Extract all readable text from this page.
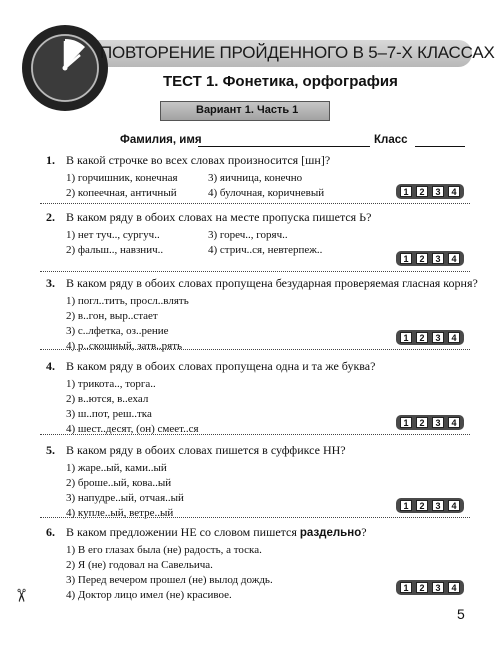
ПОВТОРЕНИЕ ПРОЙДЕННОГО В 5–7-Х КЛАССАХ
ТЕСТ 1. Фонетика, орфография
Вариант 1. Часть 1
Фамилия, имя	Класс
1. В какой строчке во всех словах произносится [шн]?
1) горчишник, конечная	3) яичница, конечно
2) копеечная, античный	4) булочная, коричневый	1	2	3	4
2. В каком ряду в обоих словах на месте пропуска пишется Ь?
1) нет туч.., сургуч..	3) гореч.., горяч..
2) фальш.., навзнич..	4) стрич..ся, невтерпеж..
1	2	3	4
3. В каком ряду в обоих словах пропущена безударная проверяемая гласная корня?
1) погл..тить, просл..влять
2) в..гон, выр..стает
3) с..лфетка, оз..рение
4) р..скошный, затв..рять
1	2	3	4
4. В каком ряду в обоих словах пропущена одна и та же буква?
1) трикота.., торга..
2) в..ются, в..ехал
3) ш..пот, реш..тка
4) шест..десят, (он) смеет..ся
1	2	3	4
5. В каком ряду в обоих словах пишется в суффиксе НН?
1) жаре..ый, ками..ый
2) броше..ый, кова..ый
3) напудре..ый, отчая..ый
4) купле..ый, ветре..ый
1	2	3	4
6. В каком предложении НЕ со словом пишется раздельно?
1) В его глазах была (не) радость, а тоска.
2) Я (не) годовал на Савельича.
3) Перед вечером прошел (не) вылод дождь.
4) Доктор лицо имел (не) красивое.
1	2	3	4
✂
5
